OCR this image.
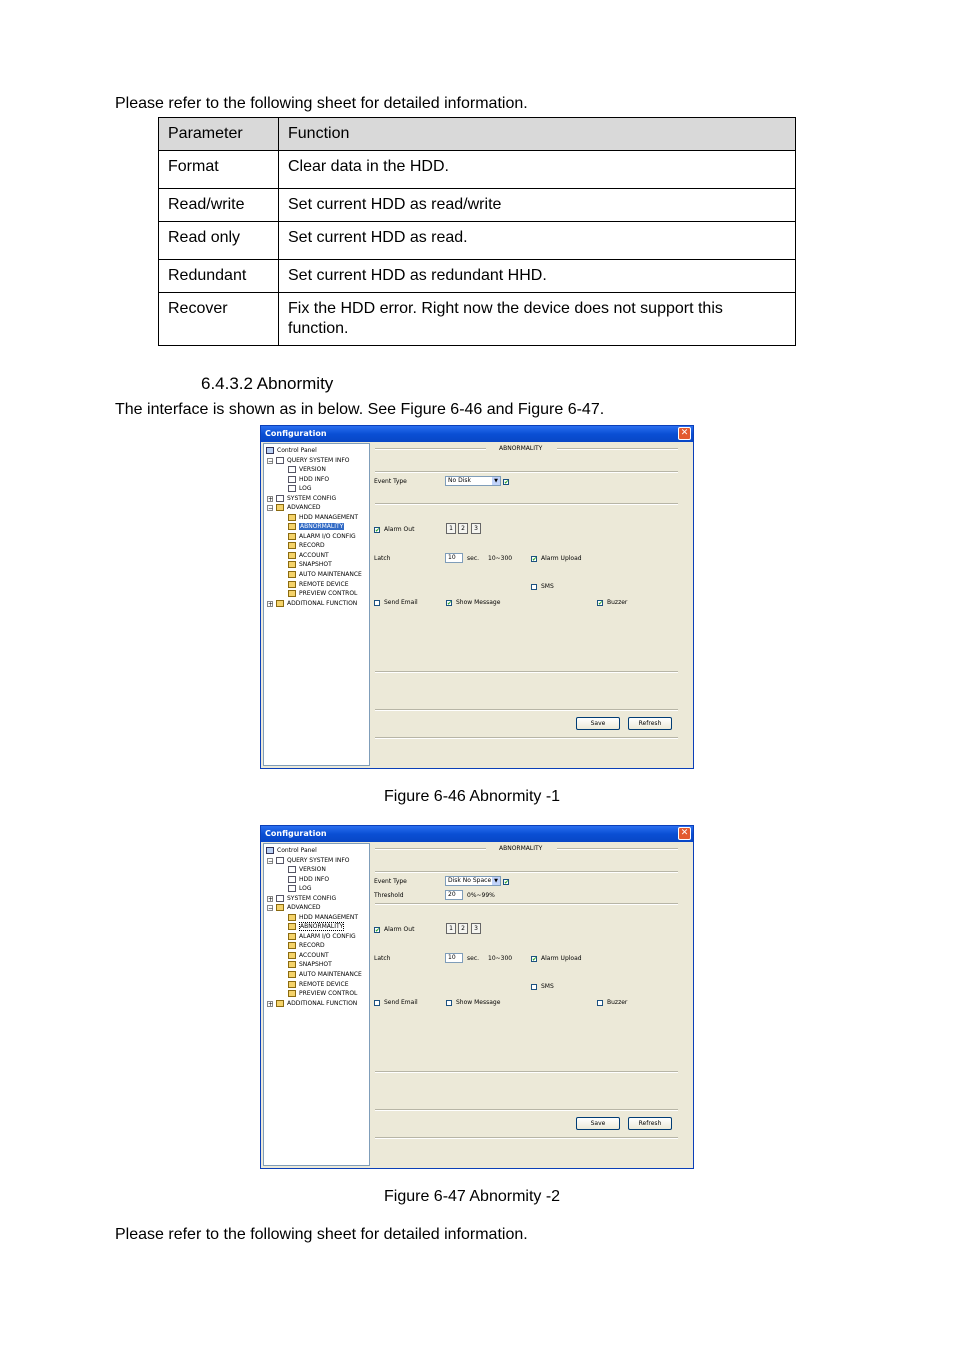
Please refer to the following sheet for detailed information.
Parameter	Function
Format	Clear data in the HDD.
Read/write	Set current HDD as read/write
Read only	Set current HDD as read.
Redundant	Set current HDD as redundant HHD.
Recover	Fix the HDD error. Right now the device does not support this function.
6.4.3.2 Abnormity
The interface is shown as in below. See Figure 6-46 and Figure 6-47.
Configuration	✕
Control Panel
−	QUERY SYSTEM INFO
VERSION
HDD INFO
LOG
+	SYSTEM CONFIG
−	ADVANCED
HDD MANAGEMENT
ABNORMALITY
ALARM I/O CONFIG
RECORD
ACCOUNT
SNAPSHOT
AUTO MAINTENANCE
REMOTE DEVICE
PREVIEW CONTROL
+	ADDITIONAL FUNCTION
ABNORMALITY
Event Type	No Disk	▼	✔
✔ Alarm Out	1	2	3
Latch	10	sec. 10~300	✔ Alarm Upload
SMS
Send Email	✔ Show Message	✔ Buzzer
Save	Refresh
Figure 6-46 Abnormity -1
Configuration	✕
Control Panel
−	QUERY SYSTEM INFO
VERSION
HDD INFO
LOG
+	SYSTEM CONFIG
−	ADVANCED
HDD MANAGEMENT
ABNORMALITY
ALARM I/O CONFIG
RECORD
ACCOUNT
SNAPSHOT
AUTO MAINTENANCE
REMOTE DEVICE
PREVIEW CONTROL
+	ADDITIONAL FUNCTION
ABNORMALITY
Event Type	Disk No Space ▼	✔
Threshold	20	0%~99%
✔ Alarm Out	1	2	3
Latch	10	sec. 10~300	✔ Alarm Upload
SMS
Send Email	Show Message	Buzzer
Save	Refresh
Figure 6-47 Abnormity -2
Please refer to the following sheet for detailed information.
